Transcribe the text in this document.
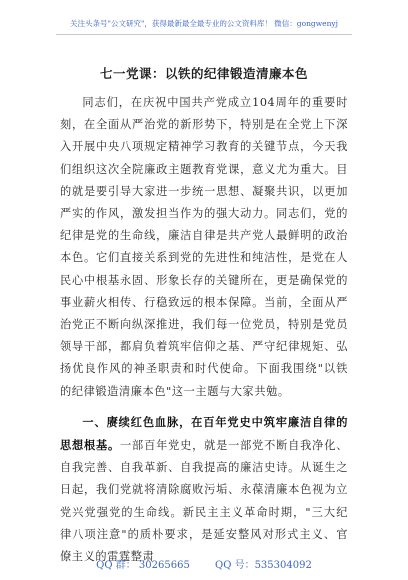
关注头条号"公文研究"，获得最新最全最专业的公文资料库！ 微信：gongwenyj
七一党课：以铁的纪律锻造清廉本色

同志们，在庆祝中国共产党成立104周年的重要时刻，在全面从严治党的新形势下，特别是在全党上下深入开展中央八项规定精神学习教育的关键节点，今天我们组织这次全院廉政主题教育党课，意义尤为重大。目的就是要引导大家进一步统一思想、凝聚共识，以更加严实的作风，激发担当作为的强大动力。同志们，党的纪律是党的生命线，廉洁自律是共产党人最鲜明的政治本色。它们直接关系到党的先进性和纯洁性，是党在人民心中根基永固、形象长存的关键所在，更是确保党的事业薪火相传、行稳致远的根本保障。当前，全面从严治党正不断向纵深推进，我们每一位党员，特别是党员领导干部，都肩负着筑牢信仰之基、严守纪律规矩、弘扬优良作风的神圣职责和时代使命。下面我围绕"以铁的纪律锻造清廉本色"这一主题与大家共勉。

一、赓续红色血脉，在百年党史中筑牢廉洁自律的思想根基。一部百年党史，就是一部党不断自我净化、自我完善、自我革新、自我提高的廉洁史诗。从诞生之日起，我们党就将清除腐败污垢、永葆清廉本色视为立党兴党强党的生命线。新民主主义革命时期，"三大纪律八项注意"的质朴要求，是延安整风对形式主义、官僚主义的雷霆整肃

QQ 群： 30265665	QQ 号：535304092
